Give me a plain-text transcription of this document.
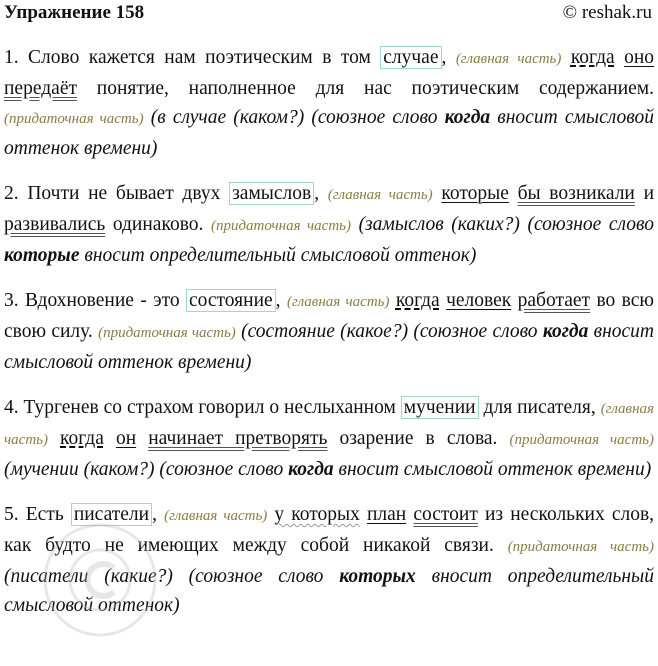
Упражнение 158	© reshak.ru
1. Слово кажется нам поэтическим в том случае , (главная часть) когда оно передаёт понятие, наполненное для нас поэтическим содержанием. (придаточная часть) (в случае (каком?) (союзное слово когда вносит смысловой оттенок времени)
2. Почти не бывает двух замыслов , (главная часть) которые бы возникали и развивались одинаково. (придаточная часть) (замыслов (каких?) (союзное слово которые вносит определительный смысловой оттенок)
3. Вдохновение - это состояние , (главная часть) когда человек работает во всю свою силу. (придаточная часть) (состояние (какое?) (союзное слово когда вносит смысловой оттенок времени)
4. Тургенев со страхом говорил о неслыханном мучении для писателя, (главная часть) когда он начинает претворять озарение в слова. (придаточная часть) (мучении (каком?) (союзное слово когда вносит смысловой оттенок времени)
5. Есть писатели , (главная часть) у которых план состоит из нескольких слов, как будто не имеющих между собой никакой связи. (придаточная часть) (писатели (какие?) (союзное слово которых вносит определительный смысловой оттенок)
